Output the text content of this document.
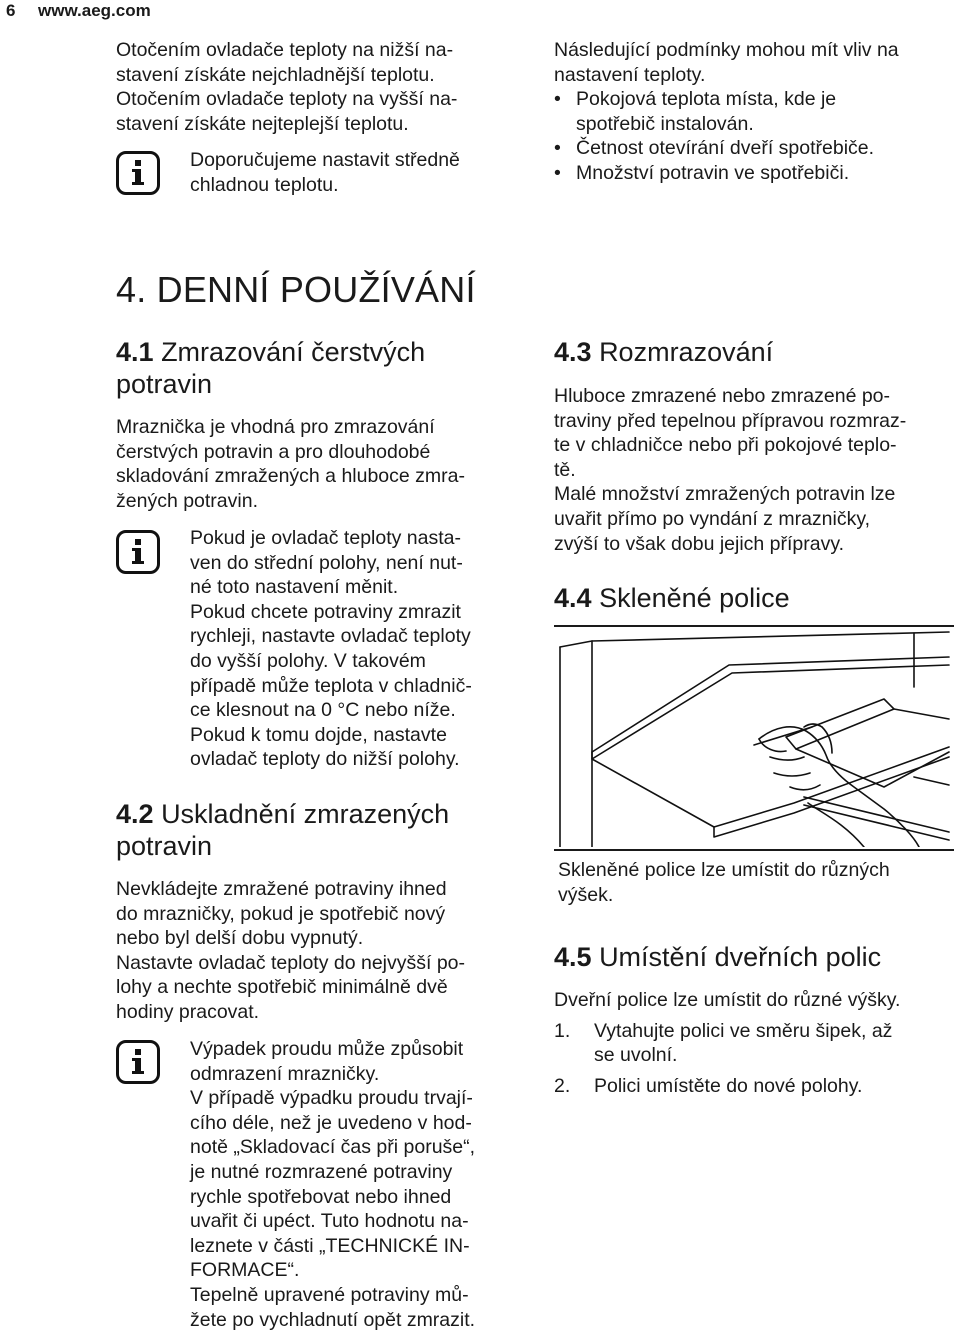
6 www.aeg.com
Otočením ovladače teploty na nižší na-
stavení získáte nejchladnější teplotu.
Otočením ovladače teploty na vyšší na-
stavení získáte nejteplejší teplotu.
Doporučujeme nastavit středně
chladnou teplotu.
Následující podmínky mohou mít vliv na
nastavení teploty.
• Pokojová teplota místa, kde je
spotřebič instalován.
• Četnost otevírání dveří spotřebiče.
• Množství potravin ve spotřebiči.
4. DENNÍ POUŽÍVÁNÍ
4.1 Zmrazování čerstvých
potravin
Mraznička je vhodná pro zmrazování
čerstvých potravin a pro dlouhodobé
skladování zmražených a hluboce zmra-
žených potravin.
Pokud je ovladač teploty nasta-
ven do střední polohy, není nut-
né toto nastavení měnit.
Pokud chcete potraviny zmrazit
rychleji, nastavte ovladač teploty
do vyšší polohy. V takovém
případě může teplota v chladnič-
ce klesnout na 0 °C nebo níže.
Pokud k tomu dojde, nastavte
ovladač teploty do nižší polohy.
4.2 Uskladnění zmrazených
potravin
Nevkládejte zmražené potraviny ihned
do mrazničky, pokud je spotřebič nový
nebo byl delší dobu vypnutý.
Nastavte ovladač teploty do nejvyšší po-
lohy a nechte spotřebič minimálně dvě
hodiny pracovat.
Výpadek proudu může způsobit
odmrazení mrazničky.
V případě výpadku proudu trvají-
cího déle, než je uvedeno v hod-
notě „Skladovací čas při poruše“,
je nutné rozmrazené potraviny
rychle spotřebovat nebo ihned
uvařit či upéct. Tuto hodnotu na-
leznete v části „TECHNICKÉ IN-
FORMACE“.
Tepelně upravené potraviny mů-
žete po vychladnutí opět zmrazit.
4.3 Rozmrazování
Hluboce zmrazené nebo zmrazené po-
traviny před tepelnou přípravou rozmraz-
te v chladničce nebo při pokojové teplo-
tě.
Malé množství zmražených potravin lze
uvařit přímo po vyndání z mrazničky,
zvýší to však dobu jejich přípravy.
4.4 Skleněné police
Skleněné police lze umístit do různých
výšek.
4.5 Umístění dveřních polic
Dveřní police lze umístit do různé výšky.
1. Vytahujte polici ve směru šipek, až
se uvolní.
2. Polici umístěte do nové polohy.
